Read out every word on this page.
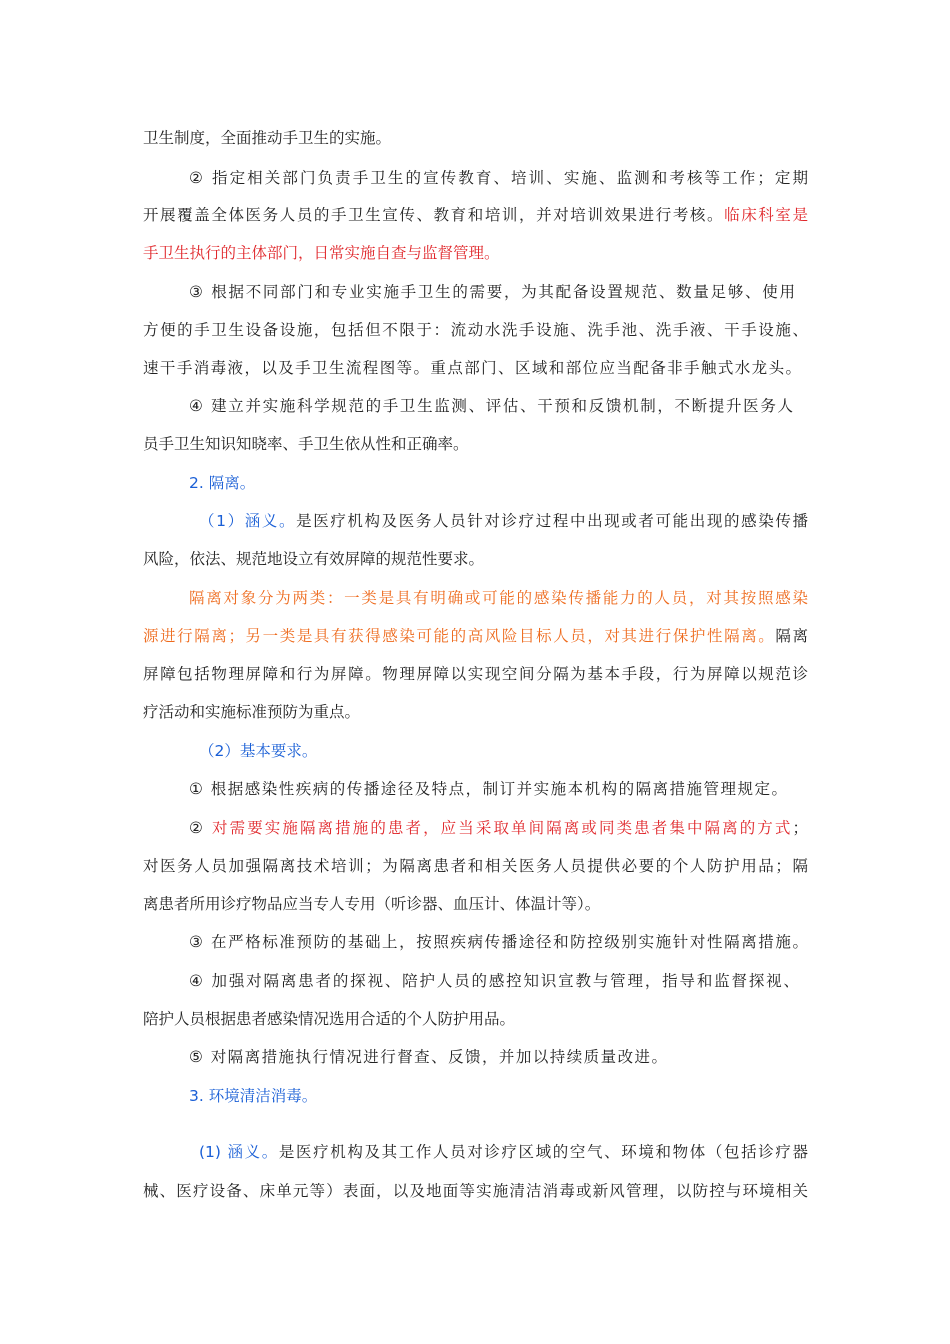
卫生制度，全面推动手卫生的实施。
② 指定相关部门负责手卫生的宣传教育、培训、实施、监测和考核等工作；定期
开展覆盖全体医务人员的手卫生宣传、教育和培训，并对培训效果进行考核。临床科室是
手卫生执行的主体部门，日常实施自查与监督管理。
③ 根据不同部门和专业实施手卫生的需要，为其配备设置规范、数量足够、使用
方便的手卫生设备设施，包括但不限于：流动水洗手设施、洗手池、洗手液、干手设施、
速干手消毒液，以及手卫生流程图等。重点部门、区域和部位应当配备非手触式水龙头。
④ 建立并实施科学规范的手卫生监测、评估、干预和反馈机制，不断提升医务人
员手卫生知识知晓率、手卫生依从性和正确率。
2. 隔离。
（1）涵义。是医疗机构及医务人员针对诊疗过程中出现或者可能出现的感染传播
风险，依法、规范地设立有效屏障的规范性要求。
隔离对象分为两类：一类是具有明确或可能的感染传播能力的人员，对其按照感染
源进行隔离；另一类是具有获得感染可能的高风险目标人员，对其进行保护性隔离。隔离
屏障包括物理屏障和行为屏障。物理屏障以实现空间分隔为基本手段，行为屏障以规范诊
疗活动和实施标准预防为重点。
（2）基本要求。
① 根据感染性疾病的传播途径及特点，制订并实施本机构的隔离措施管理规定。
② 对需要实施隔离措施的患者，应当采取单间隔离或同类患者集中隔离的方式；
对医务人员加强隔离技术培训；为隔离患者和相关医务人员提供必要的个人防护用品；隔
离患者所用诊疗物品应当专人专用（听诊器、血压计、体温计等）。
③ 在严格标准预防的基础上，按照疾病传播途径和防控级别实施针对性隔离措施。
④ 加强对隔离患者的探视、陪护人员的感控知识宣教与管理，指导和监督探视、
陪护人员根据患者感染情况选用合适的个人防护用品。
⑤ 对隔离措施执行情况进行督查、反馈，并加以持续质量改进。
3. 环境清洁消毒。
(1) 涵义。是医疗机构及其工作人员对诊疗区域的空气、环境和物体（包括诊疗器
械、医疗设备、床单元等）表面，以及地面等实施清洁消毒或新风管理，以防控与环境相关
